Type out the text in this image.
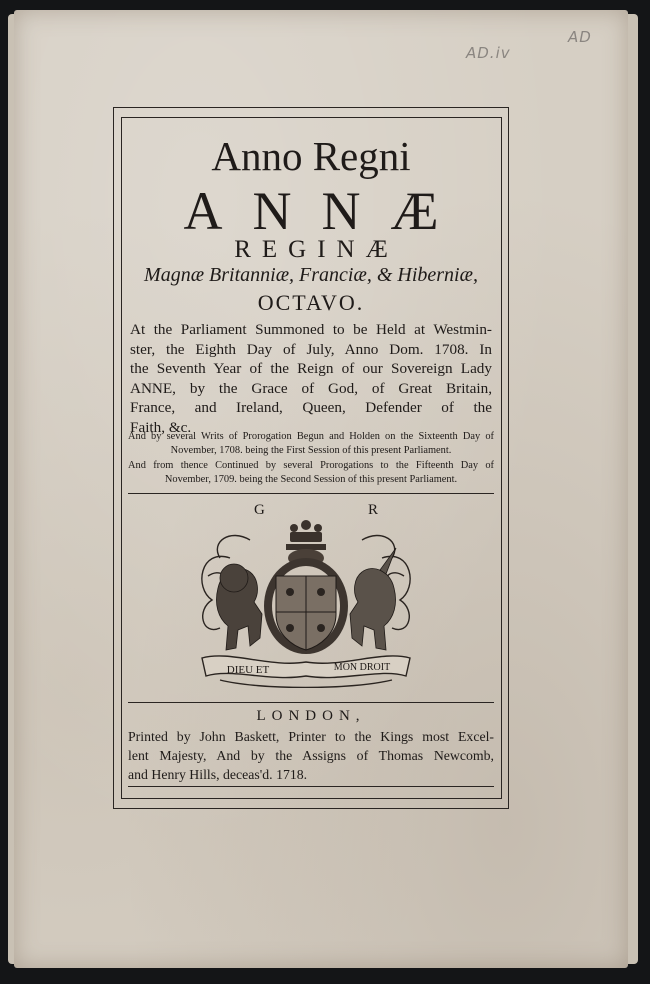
AD.iv
AD
Anno Regni
ANNÆ
REGINÆ
Magnæ Britanniæ, Franciæ, & Hiberniæ,
OCTAVO.
At the Parliament Summoned to be Held at Westmin-
ster, the Eighth Day of July, Anno Dom. 1708. In
the Seventh Year of the Reign of our Sovereign Lady
ANNE, by the Grace of God, of Great Britain,
France, and Ireland, Queen, Defender of the
Faith, &c.
And by several Writs of Prorogation Begun and Holden on the Sixteenth Day of
November, 1708. being the First Session of this present Parliament.
And from thence Continued by several Prorogations to the Fifteenth Day of
November, 1709. being the Second Session of this present Parliament.
G	R
DIEU ET	MON DROIT
LONDON,
Printed by John Baskett, Printer to the Kings most Excel-
lent Majesty, And by the Assigns of Thomas Newcomb,
and Henry Hills, deceas'd. 1718.
